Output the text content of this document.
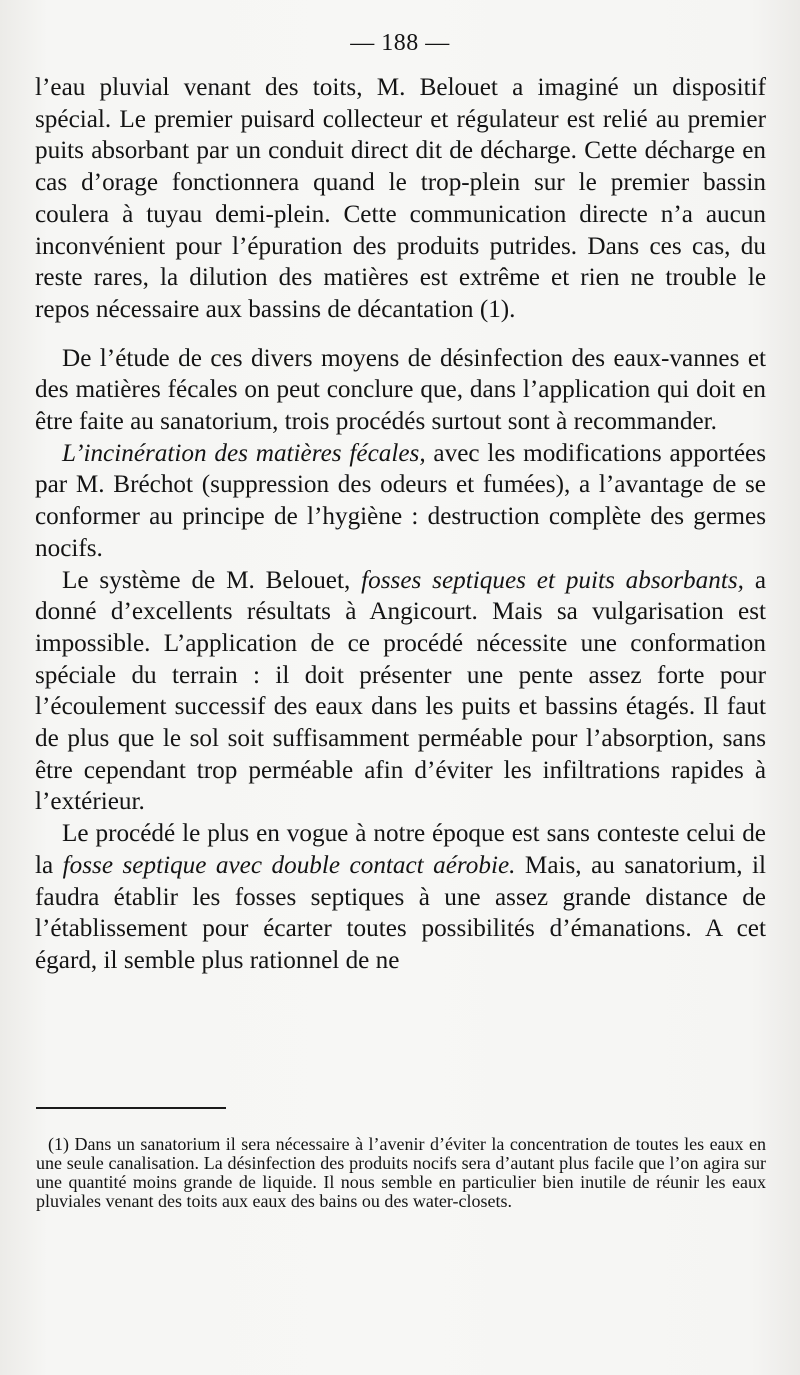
— 188 —

l’eau pluvial venant des toits, M. Belouet a imaginé un dispositif spécial. Le premier puisard collecteur et régulateur est relié au premier puits absorbant par un conduit direct dit de décharge. Cette décharge en cas d’orage fonctionnera quand le trop-plein sur le premier bassin coulera à tuyau demi-plein. Cette communication directe n’a aucun inconvénient pour l’épuration des produits putrides. Dans ces cas, du reste rares, la dilution des matières est extrême et rien ne trouble le repos nécessaire aux bassins de décantation (1).

De l’étude de ces divers moyens de désinfection des eaux-vannes et des matières fécales on peut conclure que, dans l’application qui doit en être faite au sanatorium, trois procédés surtout sont à recommander.

L’incinération des matières fécales, avec les modifications apportées par M. Bréchot (suppression des odeurs et fumées), a l’avantage de se conformer au principe de l’hygiène : destruction complète des germes nocifs.

Le système de M. Belouet, fosses septiques et puits absorbants, a donné d’excellents résultats à Angicourt. Mais sa vulgarisation est impossible. L’application de ce procédé nécessite une conformation spéciale du terrain : il doit présenter une pente assez forte pour l’écoulement successif des eaux dans les puits et bassins étagés. Il faut de plus que le sol soit suffisamment perméable pour l’absorption, sans être cependant trop perméable afin d’éviter les infiltrations rapides à l’extérieur.

Le procédé le plus en vogue à notre époque est sans conteste celui de la fosse septique avec double contact aérobie. Mais, au sanatorium, il faudra établir les fosses septiques à une assez grande distance de l’établissement pour écarter toutes possibilités d’émanations. A cet égard, il semble plus rationnel de ne

(1) Dans un sanatorium il sera nécessaire à l’avenir d’éviter la concentration de toutes les eaux en une seule canalisation. La désinfection des produits nocifs sera d’autant plus facile que l’on agira sur une quantité moins grande de liquide. Il nous semble en particulier bien inutile de réunir les eaux pluviales venant des toits aux eaux des bains ou des water-closets.
